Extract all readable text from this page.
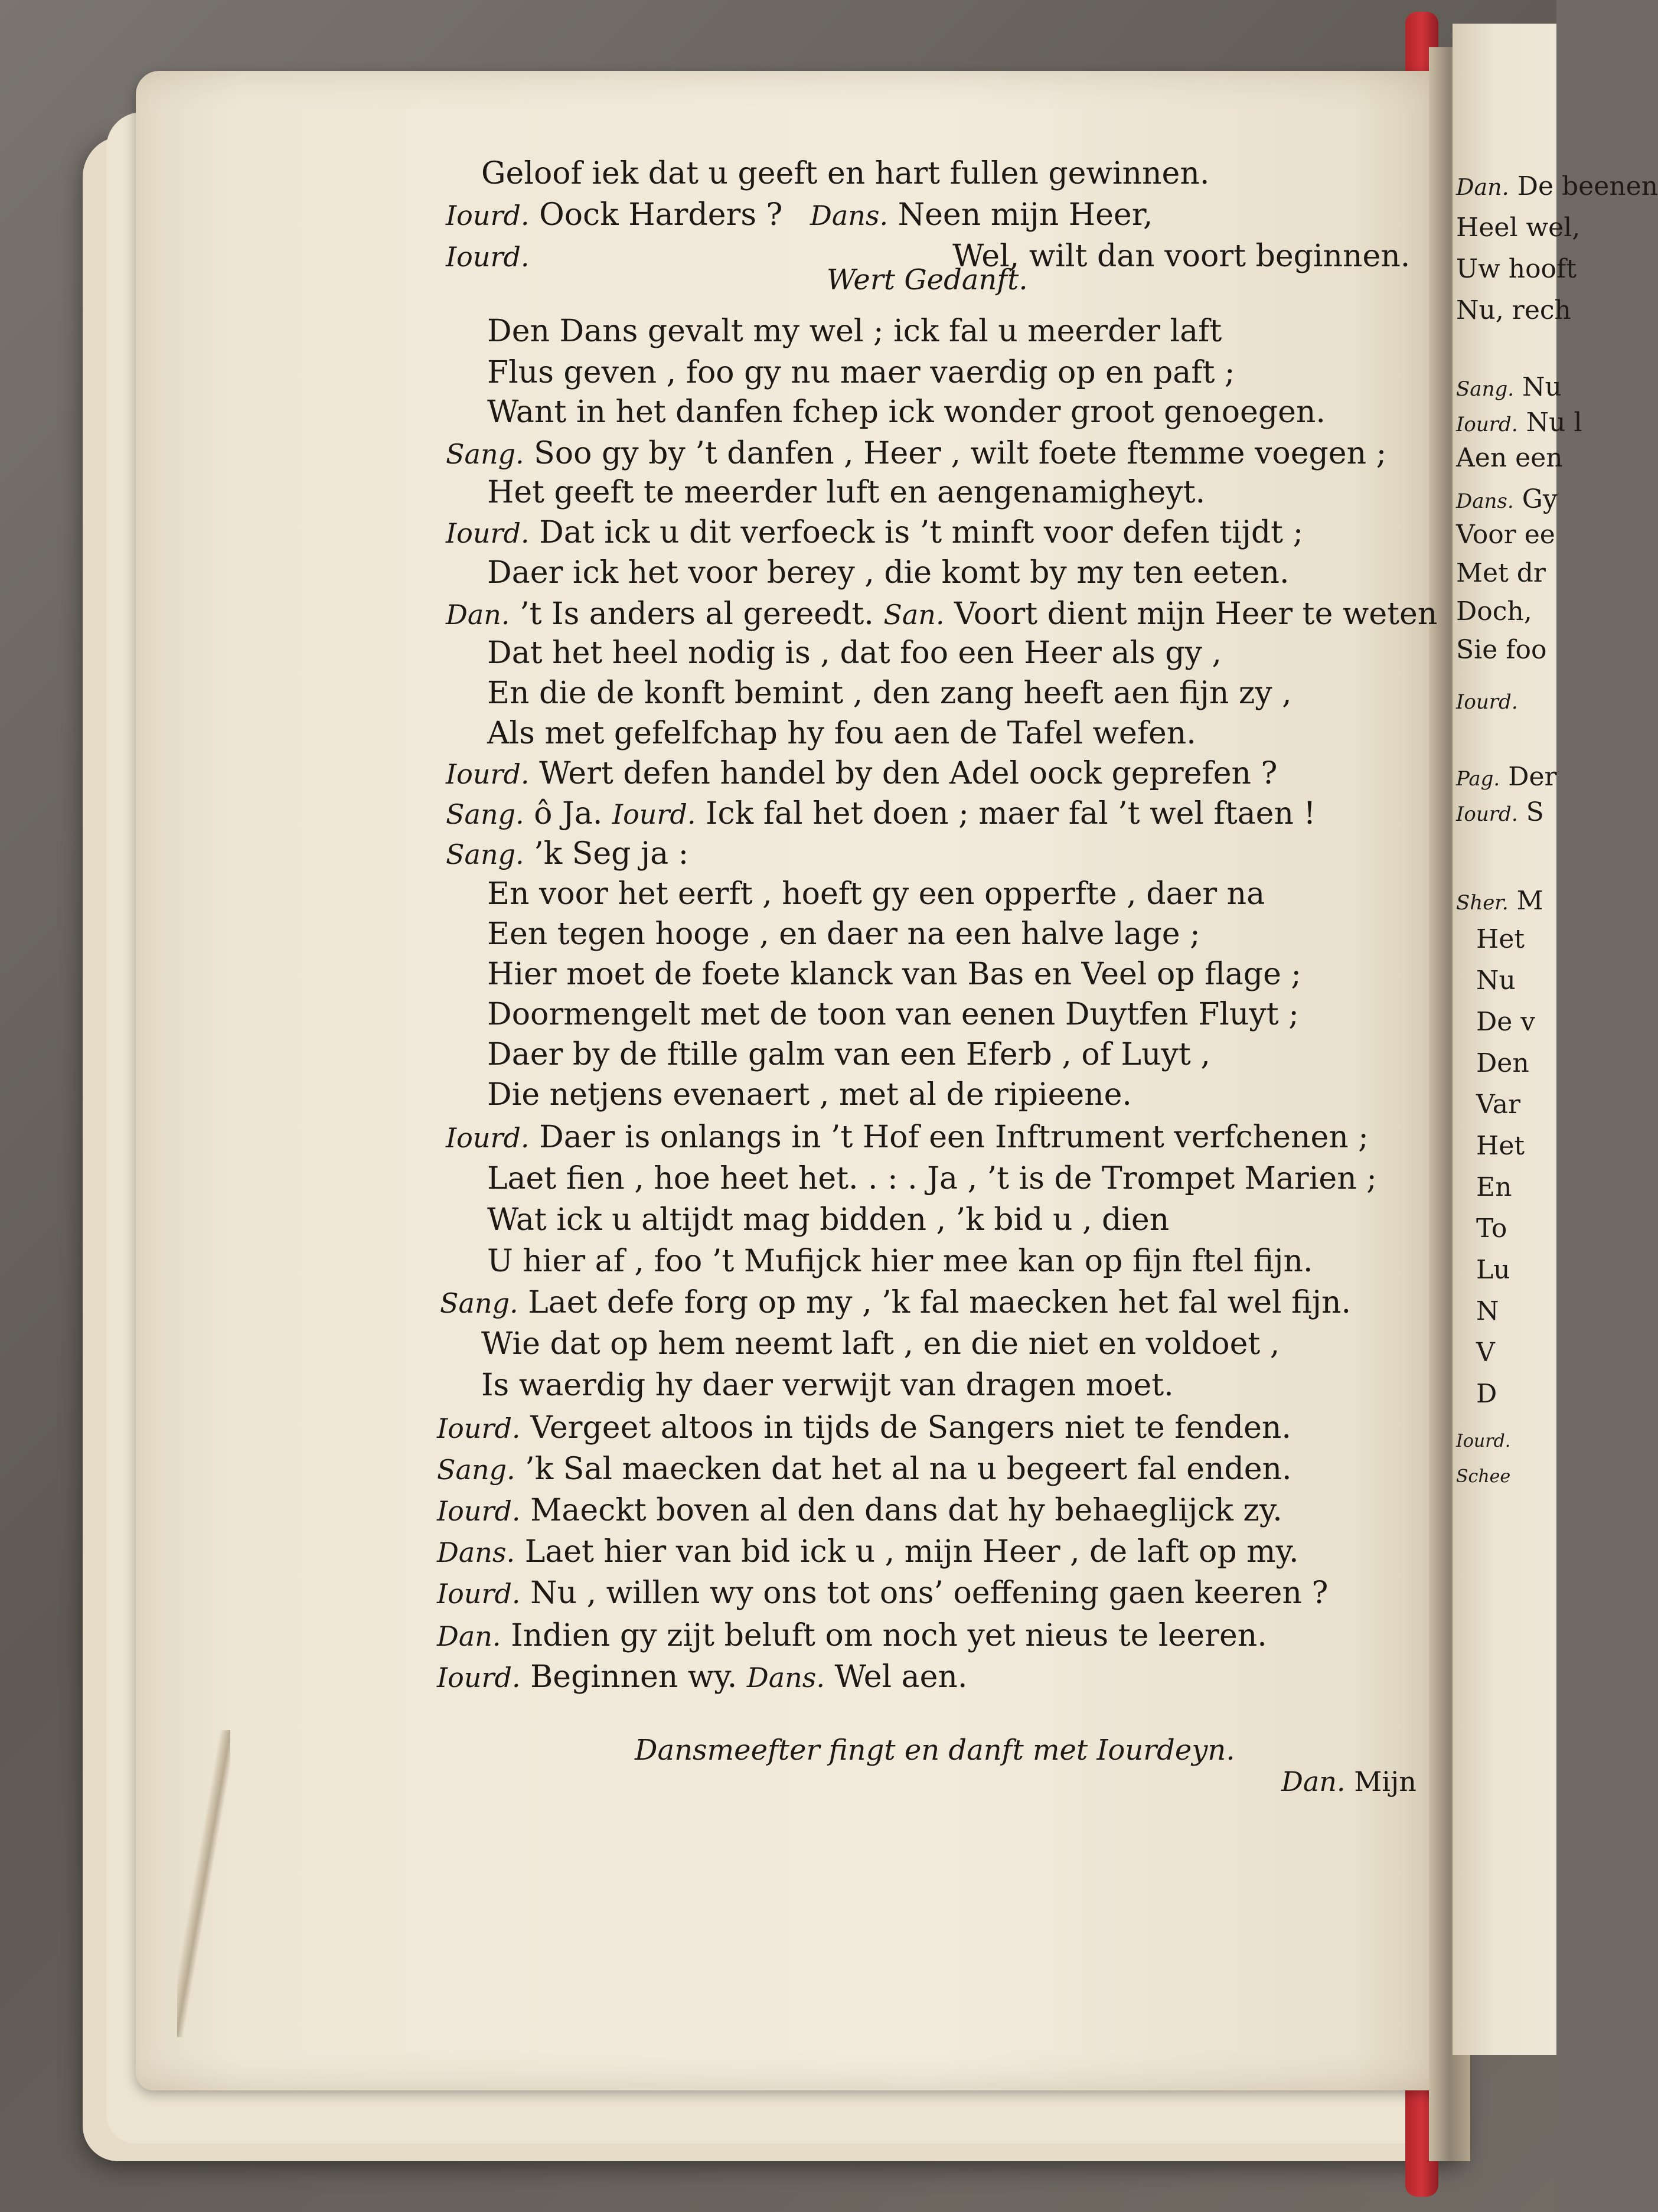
Geloof iek dat u geeft en hart fullen gewinnen.
Iourd. Oock Harders ? Dans. Neen mijn Heer,
Iourd.	Wel, wilt dan voort beginnen.
Wert Gedanft.
Den Dans gevalt my wel ; ick fal u meerder laft
Flus geven , foo gy nu maer vaerdig op en paft ;
Want in het danfen fchep ick wonder groot genoegen.
Sang. Soo gy by ’t danfen , Heer , wilt foete ftemme voegen ;
Het geeft te meerder luft en aengenamigheyt.
Iourd. Dat ick u dit verfoeck is ’t minft voor defen tijdt ;
Daer ick het voor berey , die komt by my ten eeten.
Dan. ’t Is anders al gereedt. San. Voort dient mijn Heer te weten
Dat het heel nodig is , dat foo een Heer als gy ,
En die de konft bemint , den zang heeft aen fijn zy ,
Als met gefelfchap hy fou aen de Tafel wefen.
Iourd. Wert defen handel by den Adel oock geprefen ?
Sang. ô Ja. Iourd. Ick fal het doen ; maer fal ’t wel ftaen !
Sang. ’k Seg ja :
En voor het eerft , hoeft gy een opperfte , daer na
Een tegen hooge , en daer na een halve lage ;
Hier moet de foete klanck van Bas en Veel op flage ;
Doormengelt met de toon van eenen Duytfen Fluyt ;
Daer by de ftille galm van een Eferb , of Luyt ,
Die netjens evenaert , met al de ripieene.
Iourd. Daer is onlangs in ’t Hof een Inftrument verfchenen ;
Laet fien , hoe heet het. . : . Ja , ’t is de Trompet Marien ;
Wat ick u altijdt mag bidden , ’k bid u , dien
U hier af , foo ’t Mufijck hier mee kan op fijn ftel fijn.
Sang. Laet defe forg op my , ’k fal maecken het fal wel fijn.
Wie dat op hem neemt laft , en die niet en voldoet ,
Is waerdig hy daer verwijt van dragen moet.
Iourd. Vergeet altoos in tijds de Sangers niet te fenden.
Sang. ’k Sal maecken dat het al na u begeert fal enden.
Iourd. Maeckt boven al den dans dat hy behaeglijck zy.
Dans. Laet hier van bid ick u , mijn Heer , de laft op my.
Iourd. Nu , willen wy ons tot ons’ oeffening gaen keeren ?
Dan. Indien gy zijt beluft om noch yet nieus te leeren.
Iourd. Beginnen wy. Dans. Wel aen.
Dansmeefter fingt en danft met Iourdeyn.
Dan. Mijn
Dan. De beenen
Heel wel,
Uw hooft
Nu, rech
Sang. Nu
Iourd. Nu l
Aen een
Dans. Gy
Voor ee
Met dr
Doch,
Sie foo
Iourd.
Pag. Der
Iourd. S
Sher. M
Het
Nu
De v
Den
Var
Het
En
To
Lu
N
V
D
Iourd.
Schee
